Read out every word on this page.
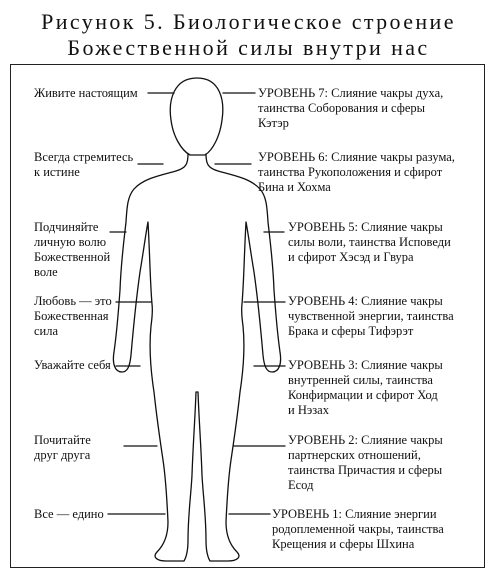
Рисунок 5. Биологическое строение
Божественной силы внутри нас
Живите настоящим
Всегда стремитесь
к истине
Подчиняйте
личную волю
Божественной
воле
Любовь — это
Божественная
сила
Уважайте себя
Почитайте
друг друга
Все — едино
УРОВЕНЬ 7: Слияние чакры духа,
таинства Соборования и сферы
Кэтэр
УРОВЕНЬ 6: Слияние чакры разума,
таинства Рукоположения и сфирот
Бина и Хохма
УРОВЕНЬ 5: Слияние чакры
силы воли, таинства Исповеди
и сфирот Хэсэд и Гвура
УРОВЕНЬ 4: Слияние чакры
чувственной энергии, таинства
Брака и сферы Тифэрэт
УРОВЕНЬ 3: Слияние чакры
внутренней силы, таинства
Конфирмации и сфирот Ход
и Нэзах
УРОВЕНЬ 2: Слияние чакры
партнерских отношений,
таинства Причастия и сферы
Есод
УРОВЕНЬ 1: Слияние энергии
родоплеменной чакры, таинства
Крещения и сферы Шхина
